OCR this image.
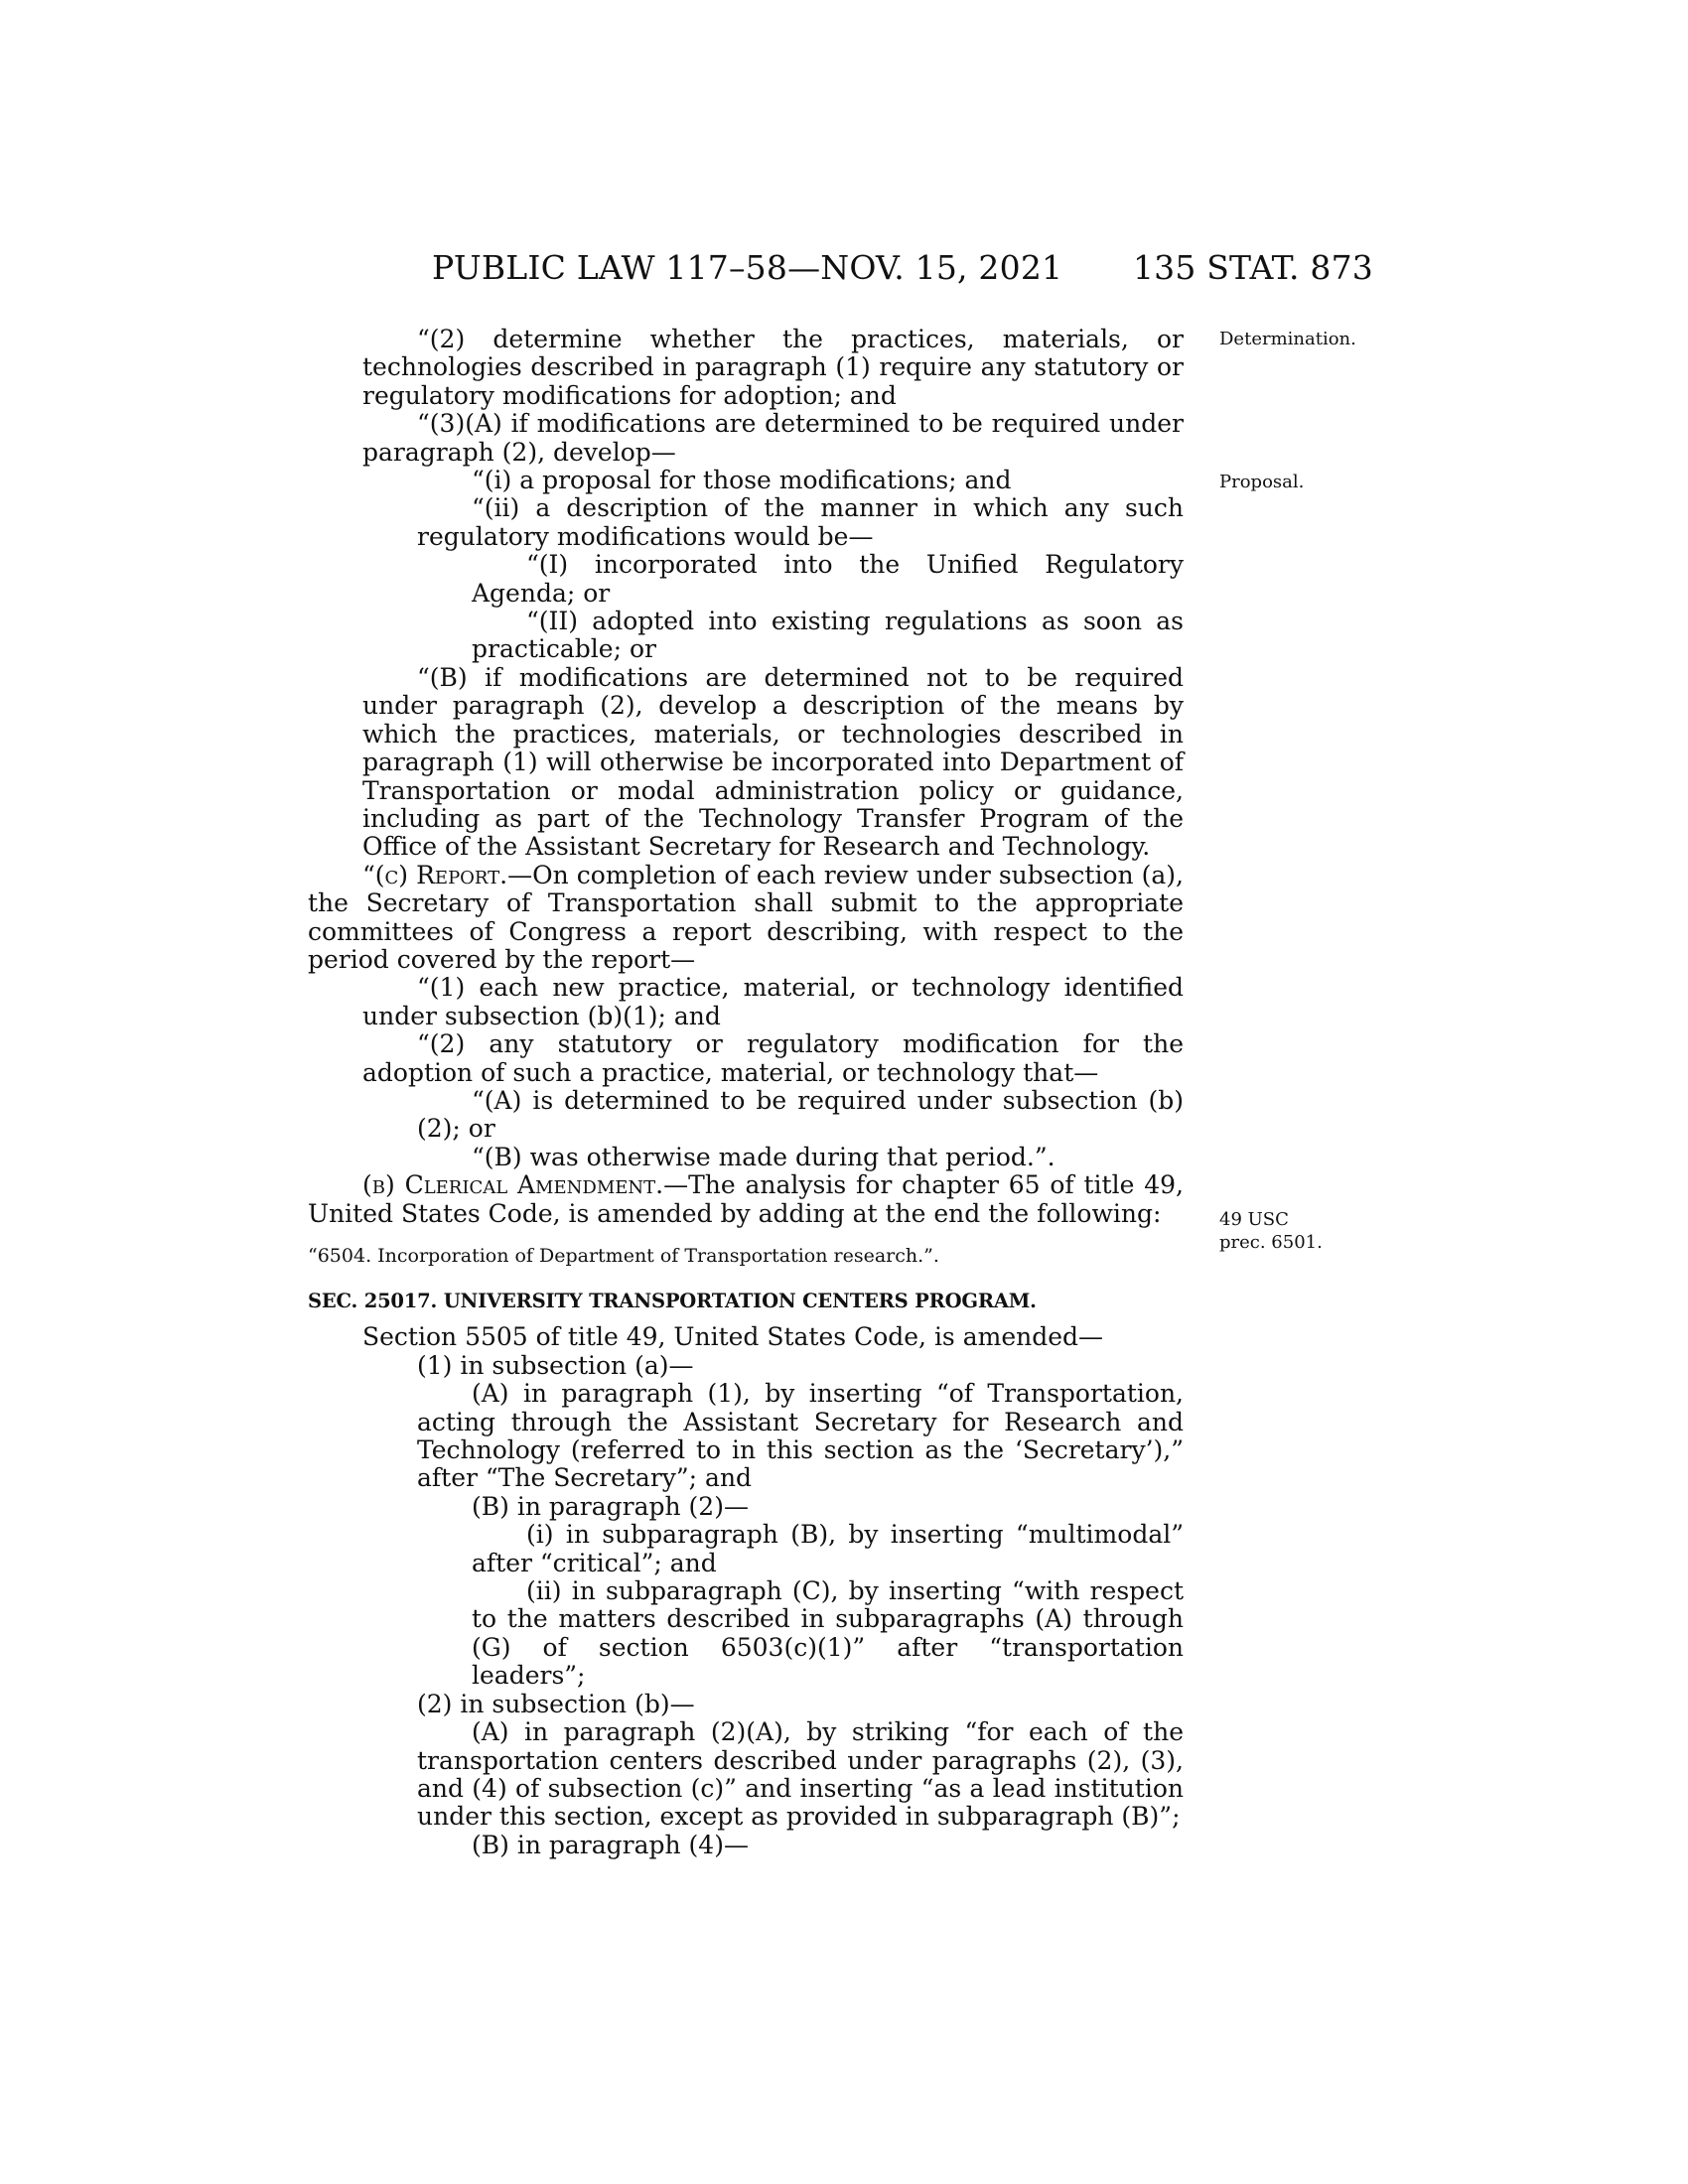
PUBLIC LAW 117–58—NOV. 15, 2021 135 STAT. 873
Determination.
Proposal.
49 USC
prec. 6501.

“(2) determine whether the practices, materials, or technologies described in paragraph (1) require any statutory or regulatory modifications for adoption; and

“(3)(A) if modifications are determined to be required under paragraph (2), develop—

“(i) a proposal for those modifications; and

“(ii) a description of the manner in which any such regulatory modifications would be—

“(I) incorporated into the Unified Regulatory Agenda; or

“(II) adopted into existing regulations as soon as practicable; or

“(B) if modifications are determined not to be required under paragraph (2), develop a description of the means by which the practices, materials, or technologies described in paragraph (1) will otherwise be incorporated into Department of Transportation or modal administration policy or guidance, including as part of the Technology Transfer Program of the Office of the Assistant Secretary for Research and Technology.

“(c) Report.—On completion of each review under subsection (a), the Secretary of Transportation shall submit to the appropriate committees of Congress a report describing, with respect to the period covered by the report—

“(1) each new practice, material, or technology identified under subsection (b)(1); and

“(2) any statutory or regulatory modification for the adoption of such a practice, material, or technology that—

“(A) is determined to be required under subsection (b)(2); or

“(B) was otherwise made during that period.”.

(b) Clerical Amendment.—The analysis for chapter 65 of title 49, United States Code, is amended by adding at the end the following:

“6504. Incorporation of Department of Transportation research.”.

SEC. 25017. UNIVERSITY TRANSPORTATION CENTERS PROGRAM.

Section 5505 of title 49, United States Code, is amended—

(1) in subsection (a)—

(A) in paragraph (1), by inserting “of Transportation, acting through the Assistant Secretary for Research and Technology (referred to in this section as the ‘Secretary’),” after “The Secretary”; and

(B) in paragraph (2)—

(i) in subparagraph (B), by inserting “multimodal” after “critical”; and

(ii) in subparagraph (C), by inserting “with respect to the matters described in subparagraphs (A) through (G) of section 6503(c)(1)” after “transportation leaders”;

(2) in subsection (b)—

(A) in paragraph (2)(A), by striking “for each of the transportation centers described under paragraphs (2), (3), and (4) of subsection (c)” and inserting “as a lead institution under this section, except as provided in subparagraph (B)”;

(B) in paragraph (4)—
